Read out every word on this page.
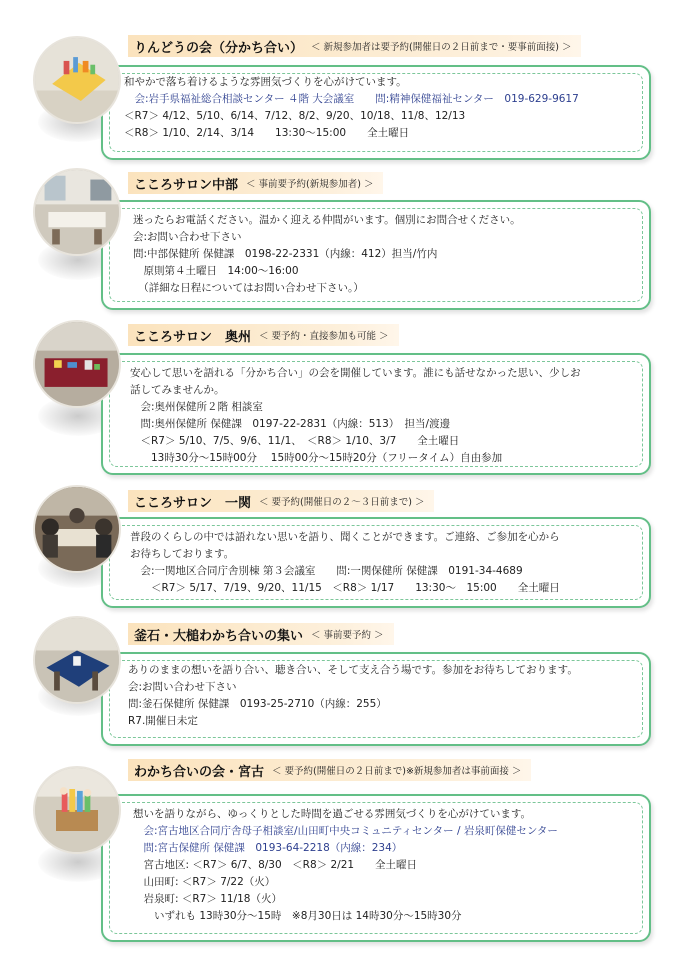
りんどうの会（分かち合い） ＜ 新規参加者は要予約(開催日の２日前まで・要事前面接) ＞
和やかで落ち着けるような雰囲気づくりを心がけています。
　会:岩手県福祉総合相談センター ４階 大会議室　　問:精神保健福祉センター　019-629-9617
＜R7＞ 4/12、5/10、6/14、7/12、8/2、9/20、10/18、11/8、12/13
＜R8＞ 1/10、2/14、3/14　　13:30～15:00　　全土曜日
こころサロン中部 ＜ 事前要予約(新規参加者) ＞
迷ったらお電話ください。温かく迎える仲間がいます。個別にお問合せください。
会:お問い合わせ下さい
問:中部保健所 保健課　0198-22-2331（内線：412）担当/竹内
　原則第４土曜日　14:00～16:00
　（詳細な日程についてはお問い合わせ下さい。）
こころサロン　奥州 ＜ 要予約・直接参加も可能 ＞
安心して思いを語れる「分かち合い」の会を開催しています。誰にも話せなかった思い、少しお
話してみませんか。
　会:奥州保健所２階 相談室
　問:奥州保健所 保健課　0197-22-2831（内線：513）　担当/渡邊
　＜R7＞ 5/10、7/5、9/6、11/1、　＜R8＞ 1/10、3/7　　全土曜日
　　13時30分～15時00分　 15時00分～15時20分（フリータイム）自由参加
こころサロン　一関 ＜ 要予約(開催日の２～３日前まで) ＞
普段のくらしの中では語れない思いを語り、聞くことができます。ご連絡、ご参加を心から
お待ちしております。
　会:一関地区合同庁舎別棟 第３会議室　　問:一関保健所 保健課　0191-34-4689
　　＜R7＞ 5/17、7/19、9/20、11/15　＜R8＞ 1/17　　13:30～　15:00　　全土曜日
釜石・大槌わかち合いの集い ＜ 事前要予約 ＞
ありのままの想いを語り合い、聴き合い、そして支え合う場です。参加をお待ちしております。
会:お問い合わせ下さい
問:釜石保健所 保健課　0193-25-2710（内線：255）
R7.開催日未定
わかち合いの会・宮古 ＜ 要予約(開催日の２日前まで)※新規参加者は事前面接 ＞
想いを語りながら、ゆっくりとした時間を過ごせる雰囲気づくりを心がけています。
　会:宮古地区合同庁舎母子相談室/山田町中央コミュニティセンター / 岩泉町保健センター
　問:宮古保健所 保健課　0193-64-2218（内線：234）
　宮古地区: ＜R7＞ 6/7、8/30　＜R8＞ 2/21　　全土曜日
　山田町: ＜R7＞ 7/22（火）
　岩泉町: ＜R7＞ 11/18（火）
　　いずれも 13時30分～15時　※8月30日は 14時30分～15時30分
